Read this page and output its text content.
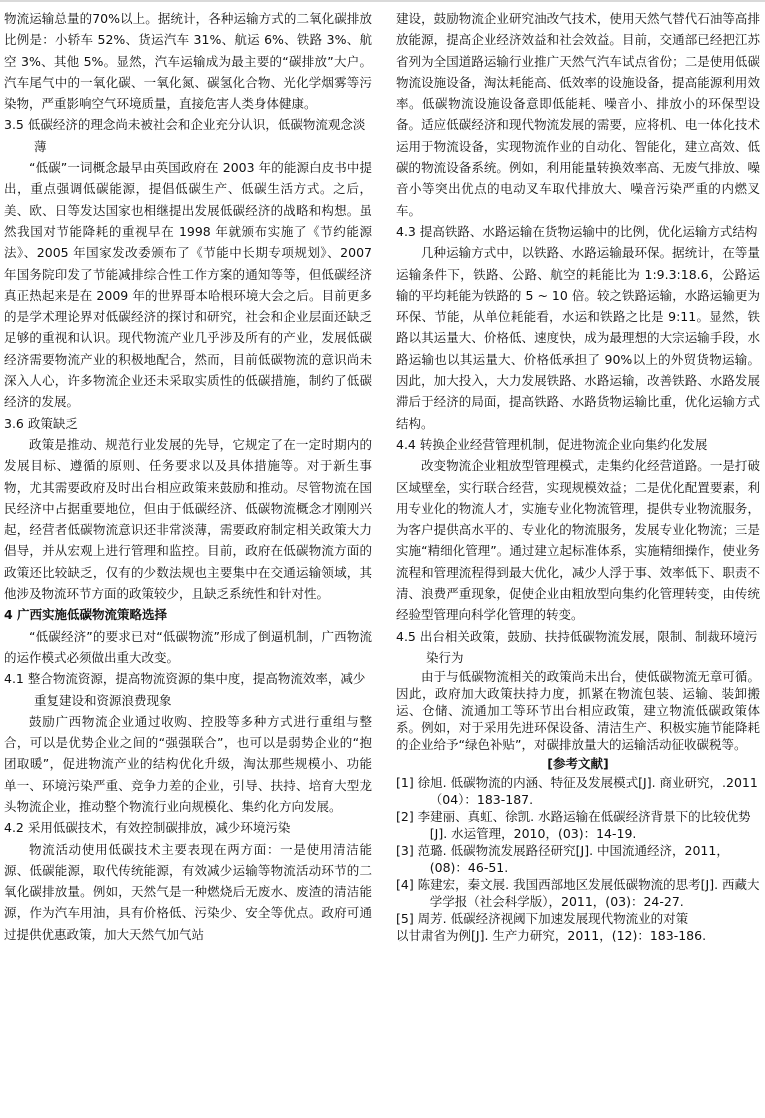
物流运输总量的70%以上。据统计，各种运输方式的二氧化碳排放比例是：小轿车 52%、货运汽车 31%、航运 6%、铁路 3%、航空 3%、其他 5%。显然，汽车运输成为最主要的“碳排放”大户。汽车尾气中的一氧化碳、一氧化氮、碳氢化合物、光化学烟雾等污染物，严重影响空气环境质量，直接危害人类身体健康。

3.5 低碳经济的理念尚未被社会和企业充分认识，低碳物流观念淡薄

“低碳”一词概念最早由英国政府在 2003 年的能源白皮书中提出，重点强调低碳能源，提倡低碳生产、低碳生活方式。之后，美、欧、日等发达国家也相继提出发展低碳经济的战略和构想。虽然我国对节能降耗的重视早在 1998 年就颁布实施了《节约能源法》、2005 年国家发改委颁布了《节能中长期专项规划》、2007 年国务院印发了节能减排综合性工作方案的通知等等，但低碳经济真正热起来是在 2009 年的世界哥本哈根环境大会之后。目前更多的是学术理论界对低碳经济的探讨和研究，社会和企业层面还缺乏足够的重视和认识。现代物流产业几乎涉及所有的产业，发展低碳经济需要物流产业的积极地配合，然而，目前低碳物流的意识尚未深入人心，许多物流企业还未采取实质性的低碳措施，制约了低碳经济的发展。

3.6 政策缺乏

政策是推动、规范行业发展的先导，它规定了在一定时期内的发展目标、遵循的原则、任务要求以及具体措施等。对于新生事物，尤其需要政府及时出台相应政策来鼓励和推动。尽管物流在国民经济中占据重要地位，但由于低碳经济、低碳物流概念才刚刚兴起，经营者低碳物流意识还非常淡薄，需要政府制定相关政策大力倡导，并从宏观上进行管理和监控。目前，政府在低碳物流方面的政策还比较缺乏，仅有的少数法规也主要集中在交通运输领域，其他涉及物流环节方面的政策较少，且缺乏系统性和针对性。

4 广西实施低碳物流策略选择

“低碳经济”的要求已对“低碳物流”形成了倒逼机制，广西物流的运作模式必须做出重大改变。

4.1 整合物流资源，提高物流资源的集中度，提高物流效率，减少重复建设和资源浪费现象

鼓励广西物流企业通过收购、控股等多种方式进行重组与整合，可以是优势企业之间的“强强联合”，也可以是弱势企业的“抱团取暖”，促进物流产业的结构优化升级，淘汰那些规模小、功能单一、环境污染严重、竞争力差的企业，引导、扶持、培育大型龙头物流企业，推动整个物流行业向规模化、集约化方向发展。

4.2 采用低碳技术，有效控制碳排放，减少环境污染

物流活动使用低碳技术主要表现在两方面：一是使用清洁能源、低碳能源，取代传统能源，有效减少运输等物流活动环节的二氧化碳排放量。例如，天然气是一种燃烧后无废水、废渣的清洁能源，作为汽车用油，具有价格低、污染少、安全等优点。政府可通过提供优惠政策，加大天然气加气站

建设，鼓励物流企业研究油改气技术，使用天然气替代石油等高排放能源，提高企业经济效益和社会效益。目前，交通部已经把江苏省列为全国道路运输行业推广天然气汽车试点省份；二是使用低碳物流设施设备，淘汰耗能高、低效率的设施设备，提高能源利用效率。低碳物流设施设备意即低能耗、噪音小、排放小的环保型设备。适应低碳经济和现代物流发展的需要，应将机、电一体化技术运用于物流设备，实现物流作业的自动化、智能化，建立高效、低碳的物流设备系统。例如，利用能量转换效率高、无废气排放、噪音小等突出优点的电动叉车取代排放大、噪音污染严重的内燃叉车。

4.3 提高铁路、水路运输在货物运输中的比例，优化运输方式结构

几种运输方式中，以铁路、水路运输最环保。据统计，在等量运输条件下，铁路、公路、航空的耗能比为 1:9.3:18.6，公路运输的平均耗能为铁路的 5 ~ 10 倍。较之铁路运输，水路运输更为环保、节能，从单位耗能看，水运和铁路之比是 9:11。显然，铁路以其运量大、价格低、速度快，成为最理想的大宗运输手段，水路运输也以其运量大、价格低承担了 90%以上的外贸货物运输。因此，加大投入，大力发展铁路、水路运输，改善铁路、水路发展滞后于经济的局面，提高铁路、水路货物运输比重，优化运输方式结构。

4.4 转换企业经营管理机制，促进物流企业向集约化发展

改变物流企业粗放型管理模式，走集约化经营道路。一是打破区域壁垒，实行联合经营，实现规模效益；二是优化配置要素，利用专业化的物流人才，实施专业化物流管理，提供专业物流服务，为客户提供高水平的、专业化的物流服务，发展专业化物流；三是实施“精细化管理”。通过建立起标准体系，实施精细操作，使业务流程和管理流程得到最大优化，减少人浮于事、效率低下、职责不清、浪费严重现象，促使企业由粗放型向集约化管理转变，由传统经验型管理向科学化管理的转变。

4.5 出台相关政策，鼓励、扶持低碳物流发展，限制、制裁环境污染行为

由于与低碳物流相关的政策尚未出台，使低碳物流无章可循。因此，政府加大政策扶持力度，抓紧在物流包装、运输、装卸搬运、仓储、流通加工等环节出台相应政策，建立物流低碳政策体系。例如，对于采用先进环保设备、清洁生产、积极实施节能降耗的企业给予“绿色补贴”，对碳排放量大的运输活动征收碳税等。

[参考文献]
[1] 徐旭. 低碳物流的内涵、特征及发展模式[J]. 商业研究，.2011（04）：183-187.
[2] 李建丽、真虹、徐凯. 水路运输在低碳经济背景下的比较优势[J]. 水运管理，2010，(03)：14-19.
[3] 范璐. 低碳物流发展路径研究[J]. 中国流通经济，2011，(08)：46-51.
[4] 陈建宏，秦文展. 我国西部地区发展低碳物流的思考[J]. 西藏大学学报（社会科学版），2011，(03)：24-27.
[5] 周芳. 低碳经济视阈下加速发展现代物流业的对策
以甘肃省为例[J]. 生产力研究，2011，(12)：183-186.
